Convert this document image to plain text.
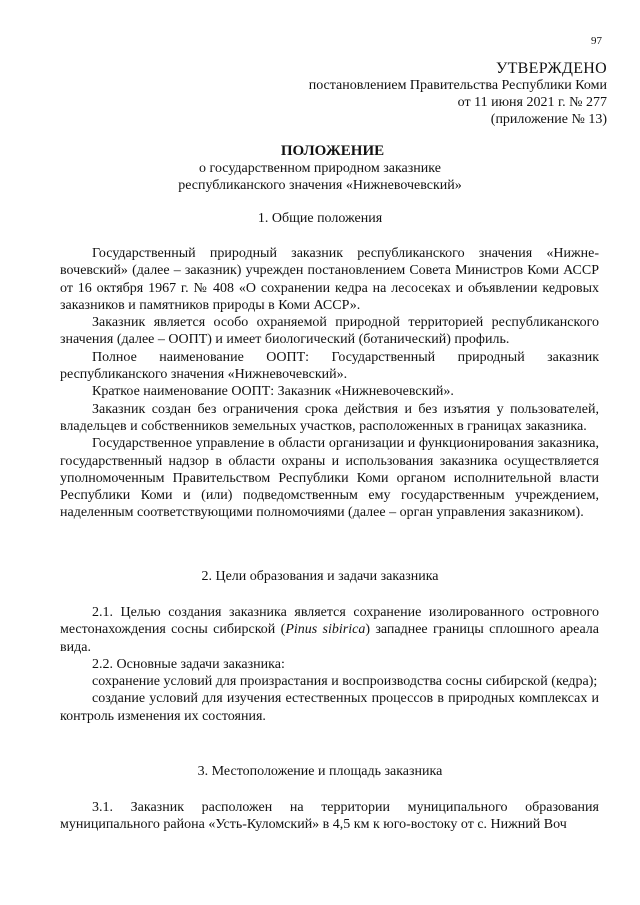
97
УТВЕРЖДЕНО
постановлением Правительства Республики Коми
от 11 июня 2021 г. № 277
(приложение № 13)
ПОЛОЖЕНИЕ
о государственном природном заказнике
республиканского значения «Нижневочевский»
1. Общие положения

Государственный природный заказник республиканского значения «Нижне-вочевский» (далее – заказник) учрежден постановлением Совета Министров Коми АССР от 16 октября 1967 г. № 408 «О сохранении кедра на лесосеках и объявлении кедровых заказников и памятников природы в Коми АССР».

Заказник является особо охраняемой природной территорией республиканского значения (далее – ООПТ) и имеет биологический (ботанический) профиль.

Полное наименование ООПТ: Государственный природный заказник республиканского значения «Нижневочевский».

Краткое наименование ООПТ: Заказник «Нижневочевский».

Заказник создан без ограничения срока действия и без изъятия у пользователей, владельцев и собственников земельных участков, расположенных в границах заказника.

Государственное управление в области организации и функционирования заказника, государственный надзор в области охраны и использования заказника осуществляется уполномоченным Правительством Республики Коми органом исполнительной власти Республики Коми и (или) подведомственным ему государственным учреждением, наделенным соответствующими полномочиями (далее – орган управления заказником).

2. Цели образования и задачи заказника

2.1. Целью создания заказника является сохранение изолированного островного местонахождения сосны сибирской (Pinus sibirica) западнее границы сплошного ареала вида.

2.2. Основные задачи заказника:

сохранение условий для произрастания и воспроизводства сосны сибирской (кедра);

создание условий для изучения естественных процессов в природных комплексах и контроль изменения их состояния.

3. Местоположение и площадь заказника

3.1. Заказник расположен на территории муниципального образования муниципального района «Усть-Куломский» в 4,5 км к юго-востоку от с. Нижний Воч
